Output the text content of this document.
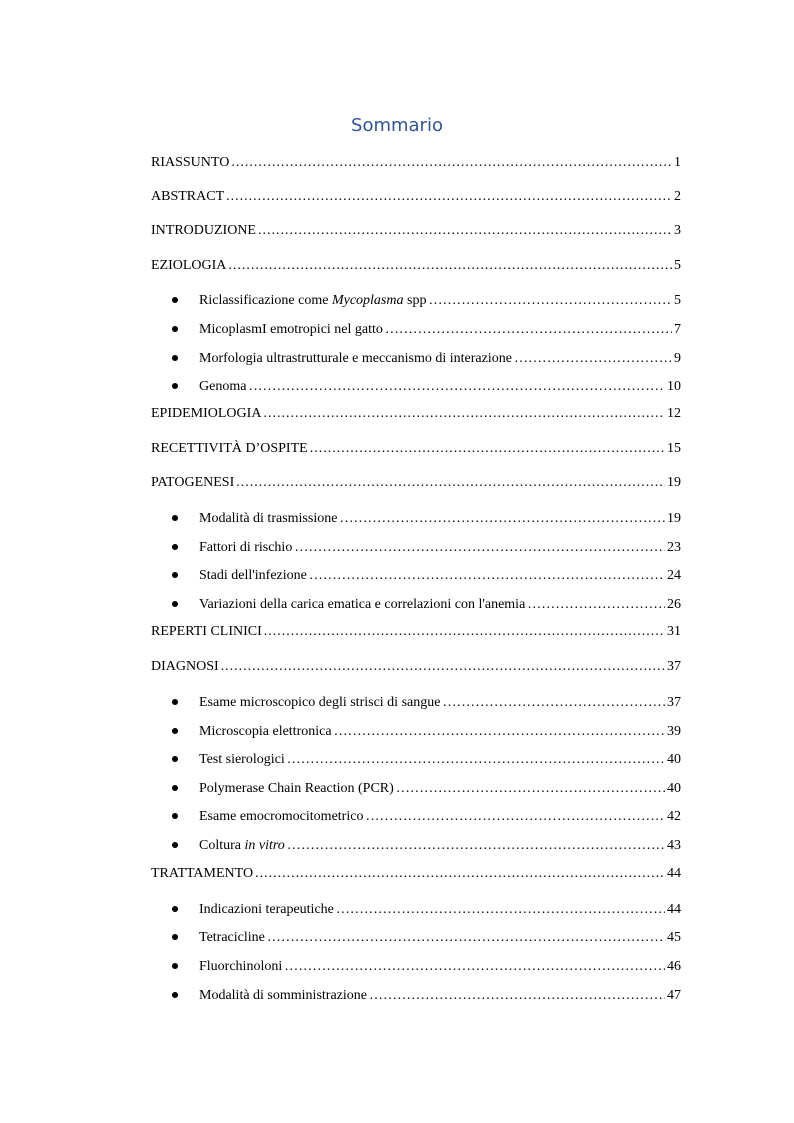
Sommario
RIASSUNTO .....	1
ABSTRACT .....	2
INTRODUZIONE .....	3
EZIOLOGIA .....	5
Riclassificazione come Mycoplasma spp …………………………………………………………………………………………………………………………………………………………………………	5
MicoplasmI emotropici nel gatto …………………………………………………………………………………………………………………………………………………………………………	7
Morfologia ultrastrutturale e meccanismo di interazione …………………………………………………………………………………………………………………………………………………………………………	9
Genoma …………………………………………………………………………………………………………………………………………………………………………	10
EPIDEMIOLOGIA .....	12
RECETTIVITÀ D’OSPITE .....	15
PATOGENESI .....	19
Modalità di trasmissione …………………………………………………………………………………………………………………………………………………………………………	19
Fattori di rischio …………………………………………………………………………………………………………………………………………………………………………	23
Stadi dell'infezione …………………………………………………………………………………………………………………………………………………………………………	24
Variazioni della carica ematica e correlazioni con l'anemia …………………………………………………………………………………………………………………………………………………………………………	26
REPERTI CLINICI .....	31
DIAGNOSI .....	37
Esame microscopico degli strisci di sangue …………………………………………………………………………………………………………………………………………………………………………	37
Microscopia elettronica …………………………………………………………………………………………………………………………………………………………………………	39
Test sierologici …………………………………………………………………………………………………………………………………………………………………………	40
Polymerase Chain Reaction (PCR) …………………………………………………………………………………………………………………………………………………………………………	40
Esame emocromocitometrico …………………………………………………………………………………………………………………………………………………………………………	42
Coltura in vitro …………………………………………………………………………………………………………………………………………………………………………	43
TRATTAMENTO .....	44
Indicazioni terapeutiche …………………………………………………………………………………………………………………………………………………………………………	44
Tetracicline …………………………………………………………………………………………………………………………………………………………………………	45
Fluorchinoloni …………………………………………………………………………………………………………………………………………………………………………	46
Modalità di somministrazione …………………………………………………………………………………………………………………………………………………………………………	47
